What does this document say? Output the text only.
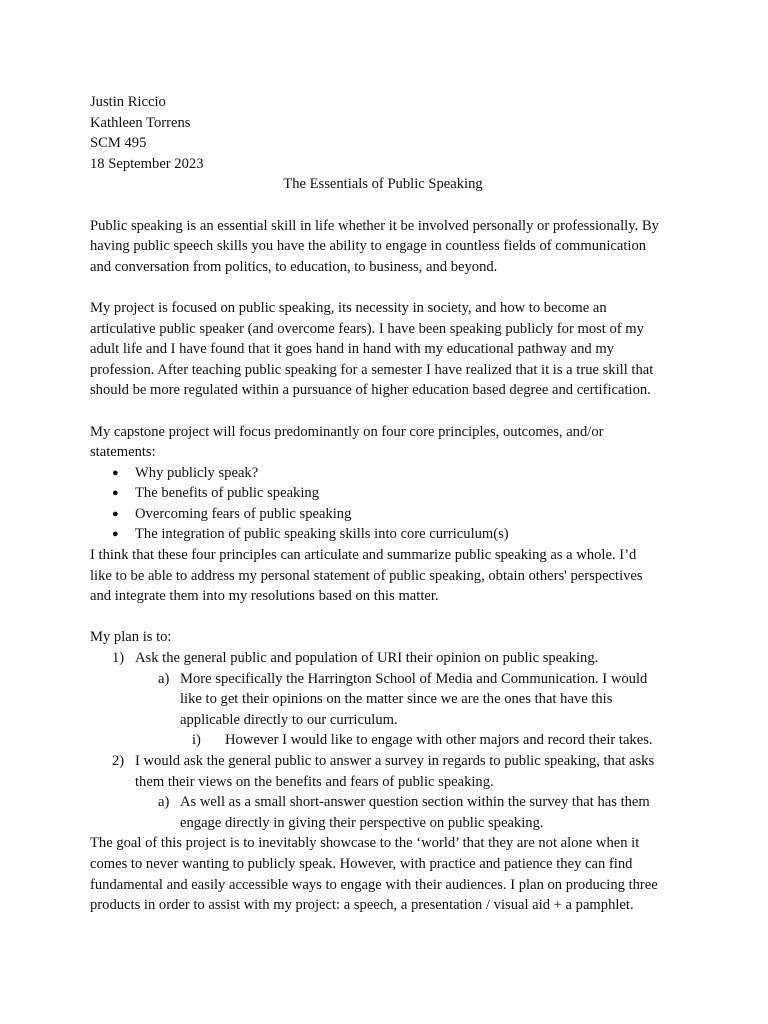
Justin Riccio
Kathleen Torrens
SCM 495
18 September 2023
The Essentials of Public Speaking
Public speaking is an essential skill in life whether it be involved personally or professionally. By
having public speech skills you have the ability to engage in countless fields of communication
and conversation from politics, to education, to business, and beyond.
My project is focused on public speaking, its necessity in society, and how to become an
articulative public speaker (and overcome fears). I have been speaking publicly for most of my
adult life and I have found that it goes hand in hand with my educational pathway and my
profession. After teaching public speaking for a semester I have realized that it is a true skill that
should be more regulated within a pursuance of higher education based degree and certification.
My capstone project will focus predominantly on four core principles, outcomes, and/or
statements:
● Why publicly speak?
● The benefits of public speaking
● Overcoming fears of public speaking
● The integration of public speaking skills into core curriculum(s)
I think that these four principles can articulate and summarize public speaking as a whole. I’d
like to be able to address my personal statement of public speaking, obtain others' perspectives
and integrate them into my resolutions based on this matter.
My plan is to:
1) Ask the general public and population of URI their opinion on public speaking.
a) More specifically the Harrington School of Media and Communication. I would
like to get their opinions on the matter since we are the ones that have this
applicable directly to our curriculum.
i) However I would like to engage with other majors and record their takes.
2) I would ask the general public to answer a survey in regards to public speaking, that asks
them their views on the benefits and fears of public speaking.
a) As well as a small short-answer question section within the survey that has them
engage directly in giving their perspective on public speaking.
The goal of this project is to inevitably showcase to the ‘world’ that they are not alone when it
comes to never wanting to publicly speak. However, with practice and patience they can find
fundamental and easily accessible ways to engage with their audiences. I plan on producing three
products in order to assist with my project: a speech, a presentation / visual aid + a pamphlet.
